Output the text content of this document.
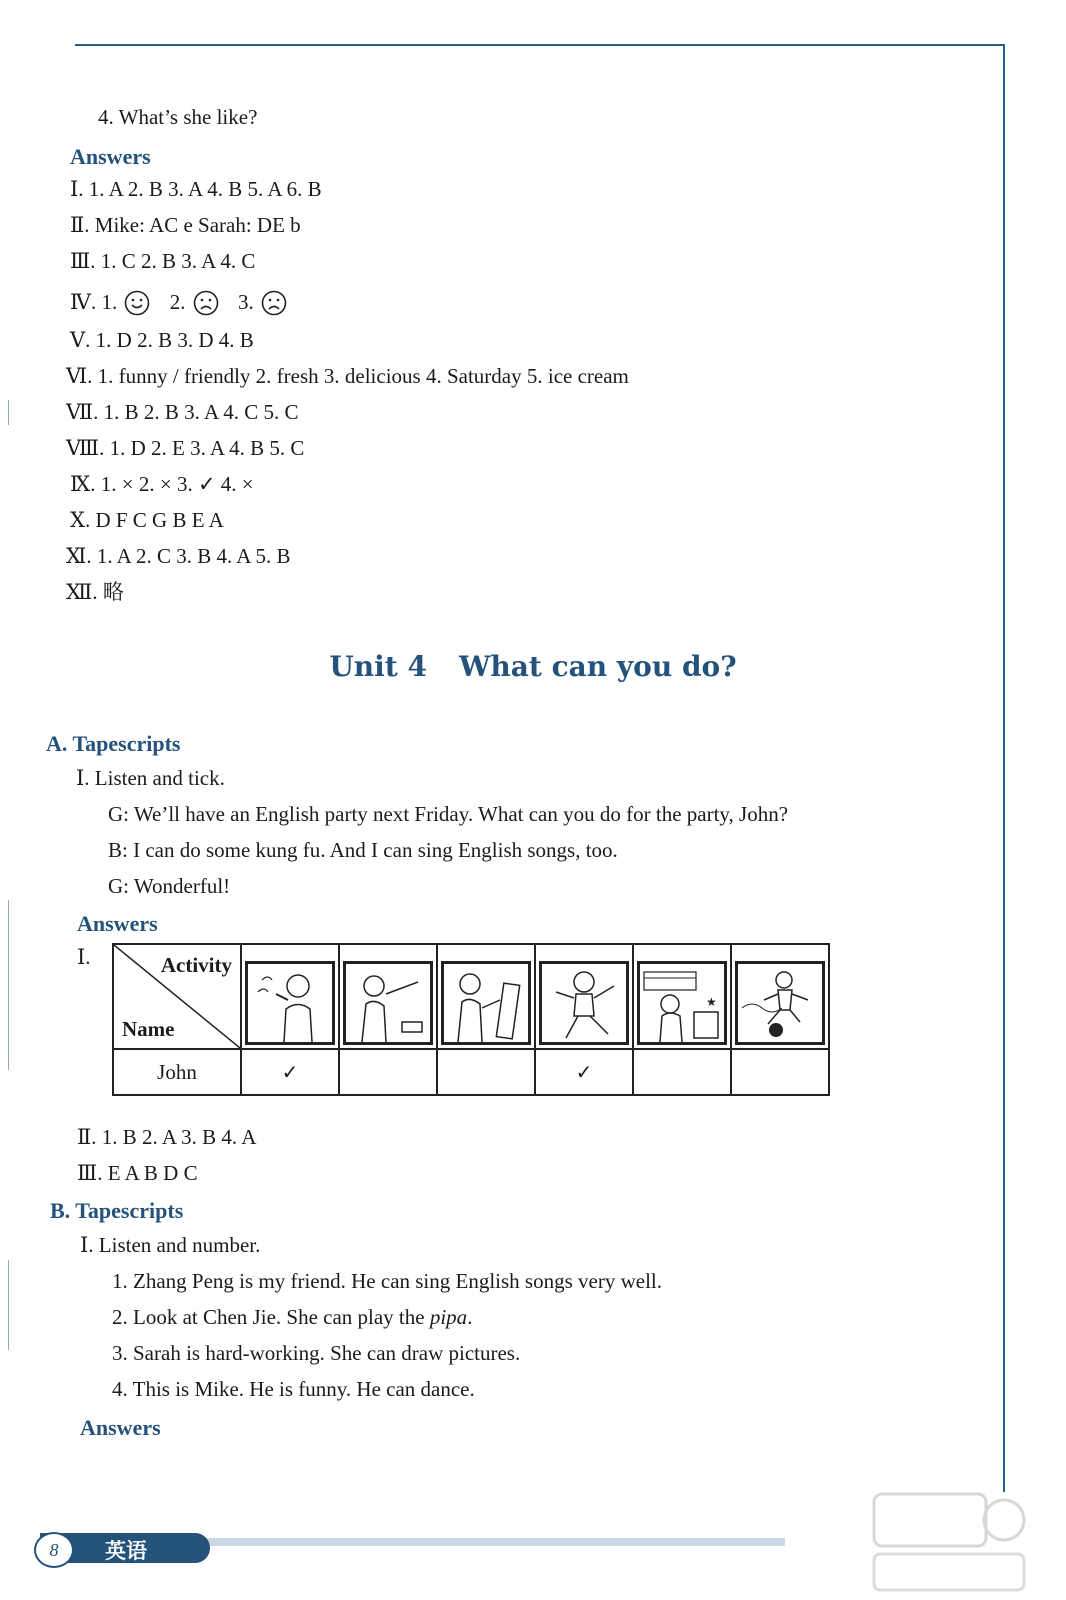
4. What’s she like?
Answers
Ⅰ. 1. A 2. B 3. A 4. B 5. A 6. B
Ⅱ. Mike: AC e Sarah: DE b
Ⅲ. 1. C 2. B 3. A 4. C
Ⅳ. 1.	2.	3.
Ⅴ. 1. D 2. B 3. D 4. B
Ⅵ. 1. funny / friendly 2. fresh 3. delicious 4. Saturday 5. ice cream
Ⅶ. 1. B 2. B 3. A 4. C 5. C
Ⅷ. 1. D 2. E 3. A 4. B 5. C
Ⅸ. 1. × 2. × 3. ✓ 4. ×
Ⅹ. D F C G B E A
Ⅺ. 1. A 2. C 3. B 4. A 5. B
Ⅻ. 略
Unit 4 What can you do?
A. Tapescripts
Ⅰ. Listen and tick.
G: We’ll have an English party next Friday. What can you do for the party, John?
B: I can do some kung fu. And I can sing English songs, too.
G: Wonderful!
Answers
Ⅰ.	Activity
Name					★

John	✓			✓		
Ⅱ. 1. B 2. A 3. B 4. A
Ⅲ. E A B D C
B. Tapescripts
Ⅰ. Listen and number.
1. Zhang Peng is my friend. He can sing English songs very well.
2. Look at Chen Jie. She can play the pipa.
3. Sarah is hard-working. She can draw pictures.
4. This is Mike. He is funny. He can dance.
Answers
8	英语
